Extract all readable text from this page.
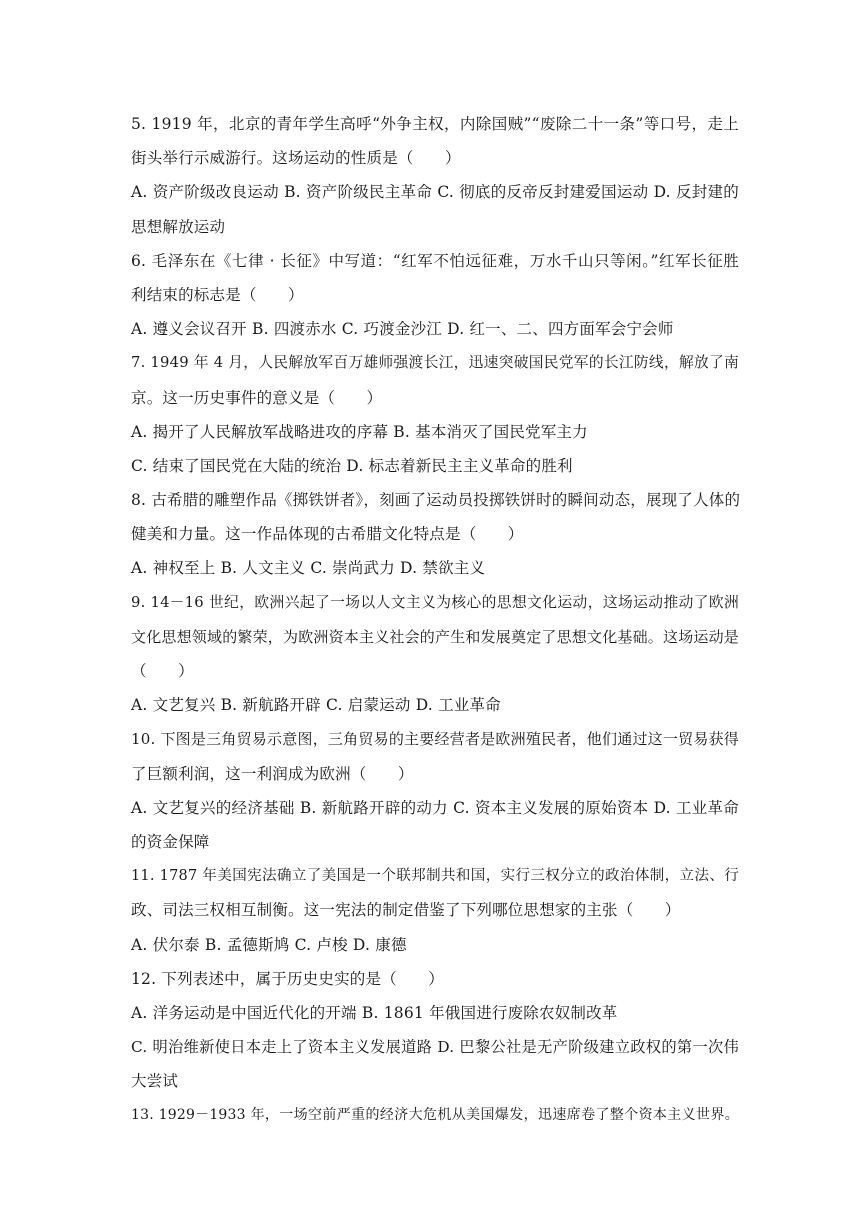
5. 1919 年，北京的青年学生高呼“外争主权，内除国贼”“废除二十一条”等口号，走上
街头举行示威游行。这场运动的性质是（　　）
A. 资产阶级改良运动 B. 资产阶级民主革命 C. 彻底的反帝反封建爱国运动 D. 反封建的
思想解放运动
6. 毛泽东在《七律 · 长征》中写道：“红军不怕远征难，万水千山只等闲。”红军长征胜
利结束的标志是（　　）
A. 遵义会议召开 B. 四渡赤水 C. 巧渡金沙江 D. 红一、二、四方面军会宁会师
7. 1949 年 4 月，人民解放军百万雄师强渡长江，迅速突破国民党军的长江防线，解放了南
京。这一历史事件的意义是（　　）
A. 揭开了人民解放军战略进攻的序幕 B. 基本消灭了国民党军主力
C. 结束了国民党在大陆的统治 D. 标志着新民主主义革命的胜利
8. 古希腊的雕塑作品《掷铁饼者》，刻画了运动员投掷铁饼时的瞬间动态，展现了人体的
健美和力量。这一作品体现的古希腊文化特点是（　　）
A. 神权至上 B. 人文主义 C. 崇尚武力 D. 禁欲主义
9. 14－16 世纪，欧洲兴起了一场以人文主义为核心的思想文化运动，这场运动推动了欧洲
文化思想领域的繁荣，为欧洲资本主义社会的产生和发展奠定了思想文化基础。这场运动是
（　　）
A. 文艺复兴 B. 新航路开辟 C. 启蒙运动 D. 工业革命
10. 下图是三角贸易示意图，三角贸易的主要经营者是欧洲殖民者，他们通过这一贸易获得
了巨额利润，这一利润成为欧洲（　　）
A. 文艺复兴的经济基础 B. 新航路开辟的动力 C. 资本主义发展的原始资本 D. 工业革命
的资金保障
11. 1787 年美国宪法确立了美国是一个联邦制共和国，实行三权分立的政治体制，立法、行
政、司法三权相互制衡。这一宪法的制定借鉴了下列哪位思想家的主张（　　）
A. 伏尔泰 B. 孟德斯鸠 C. 卢梭 D. 康德
12. 下列表述中，属于历史史实的是（　　）
A. 洋务运动是中国近代化的开端 B. 1861 年俄国进行废除农奴制改革
C. 明治维新使日本走上了资本主义发展道路 D. 巴黎公社是无产阶级建立政权的第一次伟
大尝试
13. 1929－1933 年，一场空前严重的经济大危机从美国爆发，迅速席卷了整个资本主义世界。
